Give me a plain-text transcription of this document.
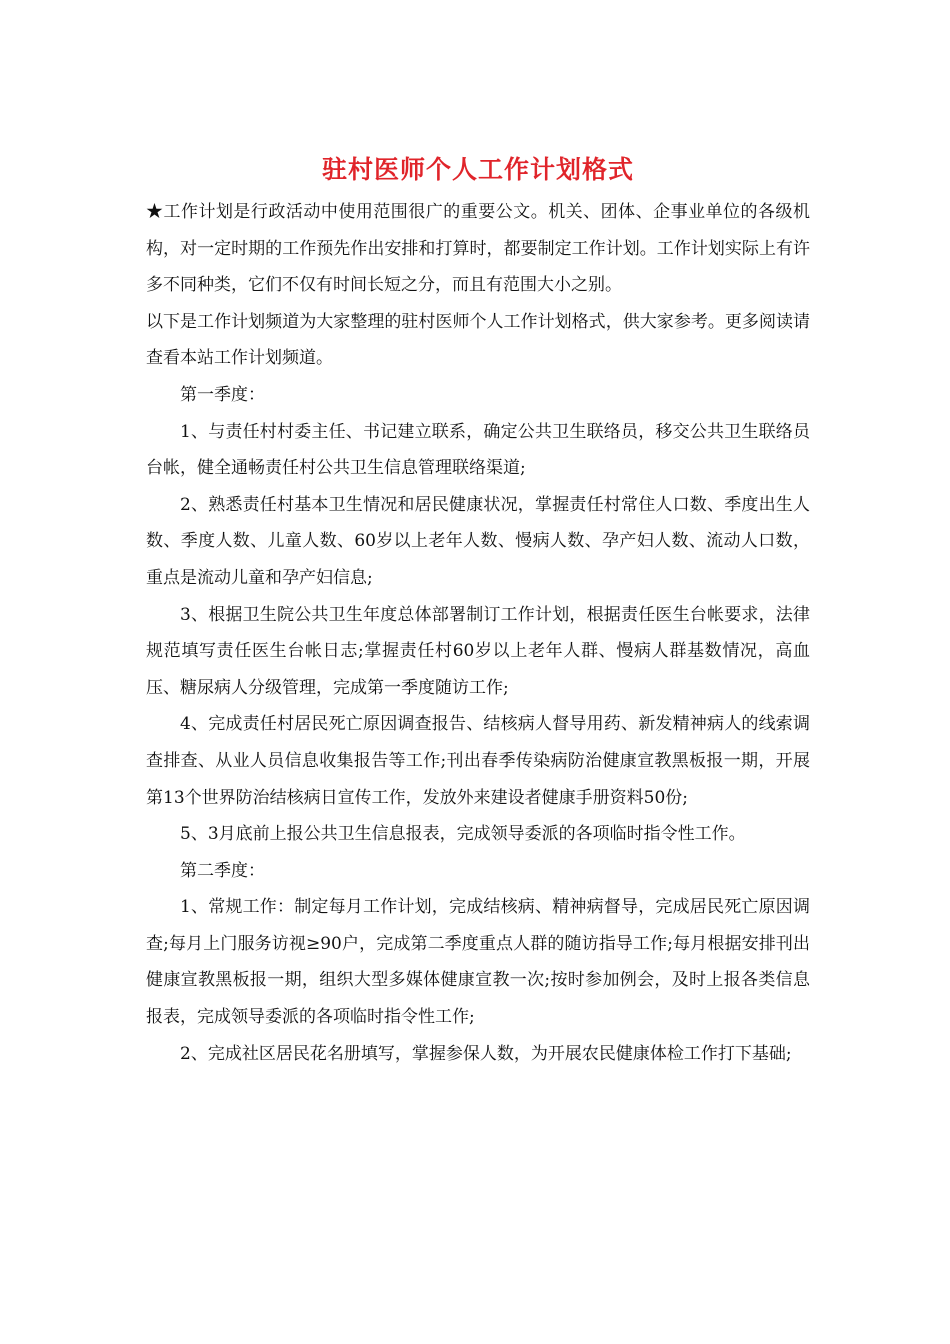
驻村医师个人工作计划格式

★工作计划是行政活动中使用范围很广的重要公文。机关、团体、企事业单位的各级机构，对一定时期的工作预先作出安排和打算时，都要制定工作计划。工作计划实际上有许多不同种类，它们不仅有时间长短之分，而且有范围大小之别。

以下是工作计划频道为大家整理的驻村医师个人工作计划格式，供大家参考。更多阅读请查看本站工作计划频道。

第一季度：

1、与责任村村委主任、书记建立联系，确定公共卫生联络员，移交公共卫生联络员台帐，健全通畅责任村公共卫生信息管理联络渠道;

2、熟悉责任村基本卫生情况和居民健康状况，掌握责任村常住人口数、季度出生人数、季度人数、儿童人数、60岁以上老年人数、慢病人数、孕产妇人数、流动人口数，重点是流动儿童和孕产妇信息;

3、根据卫生院公共卫生年度总体部署制订工作计划，根据责任医生台帐要求，法律规范填写责任医生台帐日志;掌握责任村60岁以上老年人群、慢病人群基数情况，高血压、糖尿病人分级管理，完成第一季度随访工作;

4、完成责任村居民死亡原因调查报告、结核病人督导用药、新发精神病人的线索调查排查、从业人员信息收集报告等工作;刊出春季传染病防治健康宣教黑板报一期，开展第13个世界防治结核病日宣传工作，发放外来建设者健康手册资料50份;

5、3月底前上报公共卫生信息报表，完成领导委派的各项临时指令性工作。

第二季度：

1、常规工作：制定每月工作计划，完成结核病、精神病督导，完成居民死亡原因调查;每月上门服务访视≥90户，完成第二季度重点人群的随访指导工作;每月根据安排刊出健康宣教黑板报一期，组织大型多媒体健康宣教一次;按时参加例会，及时上报各类信息报表，完成领导委派的各项临时指令性工作;

2、完成社区居民花名册填写，掌握参保人数，为开展农民健康体检工作打下基础;
